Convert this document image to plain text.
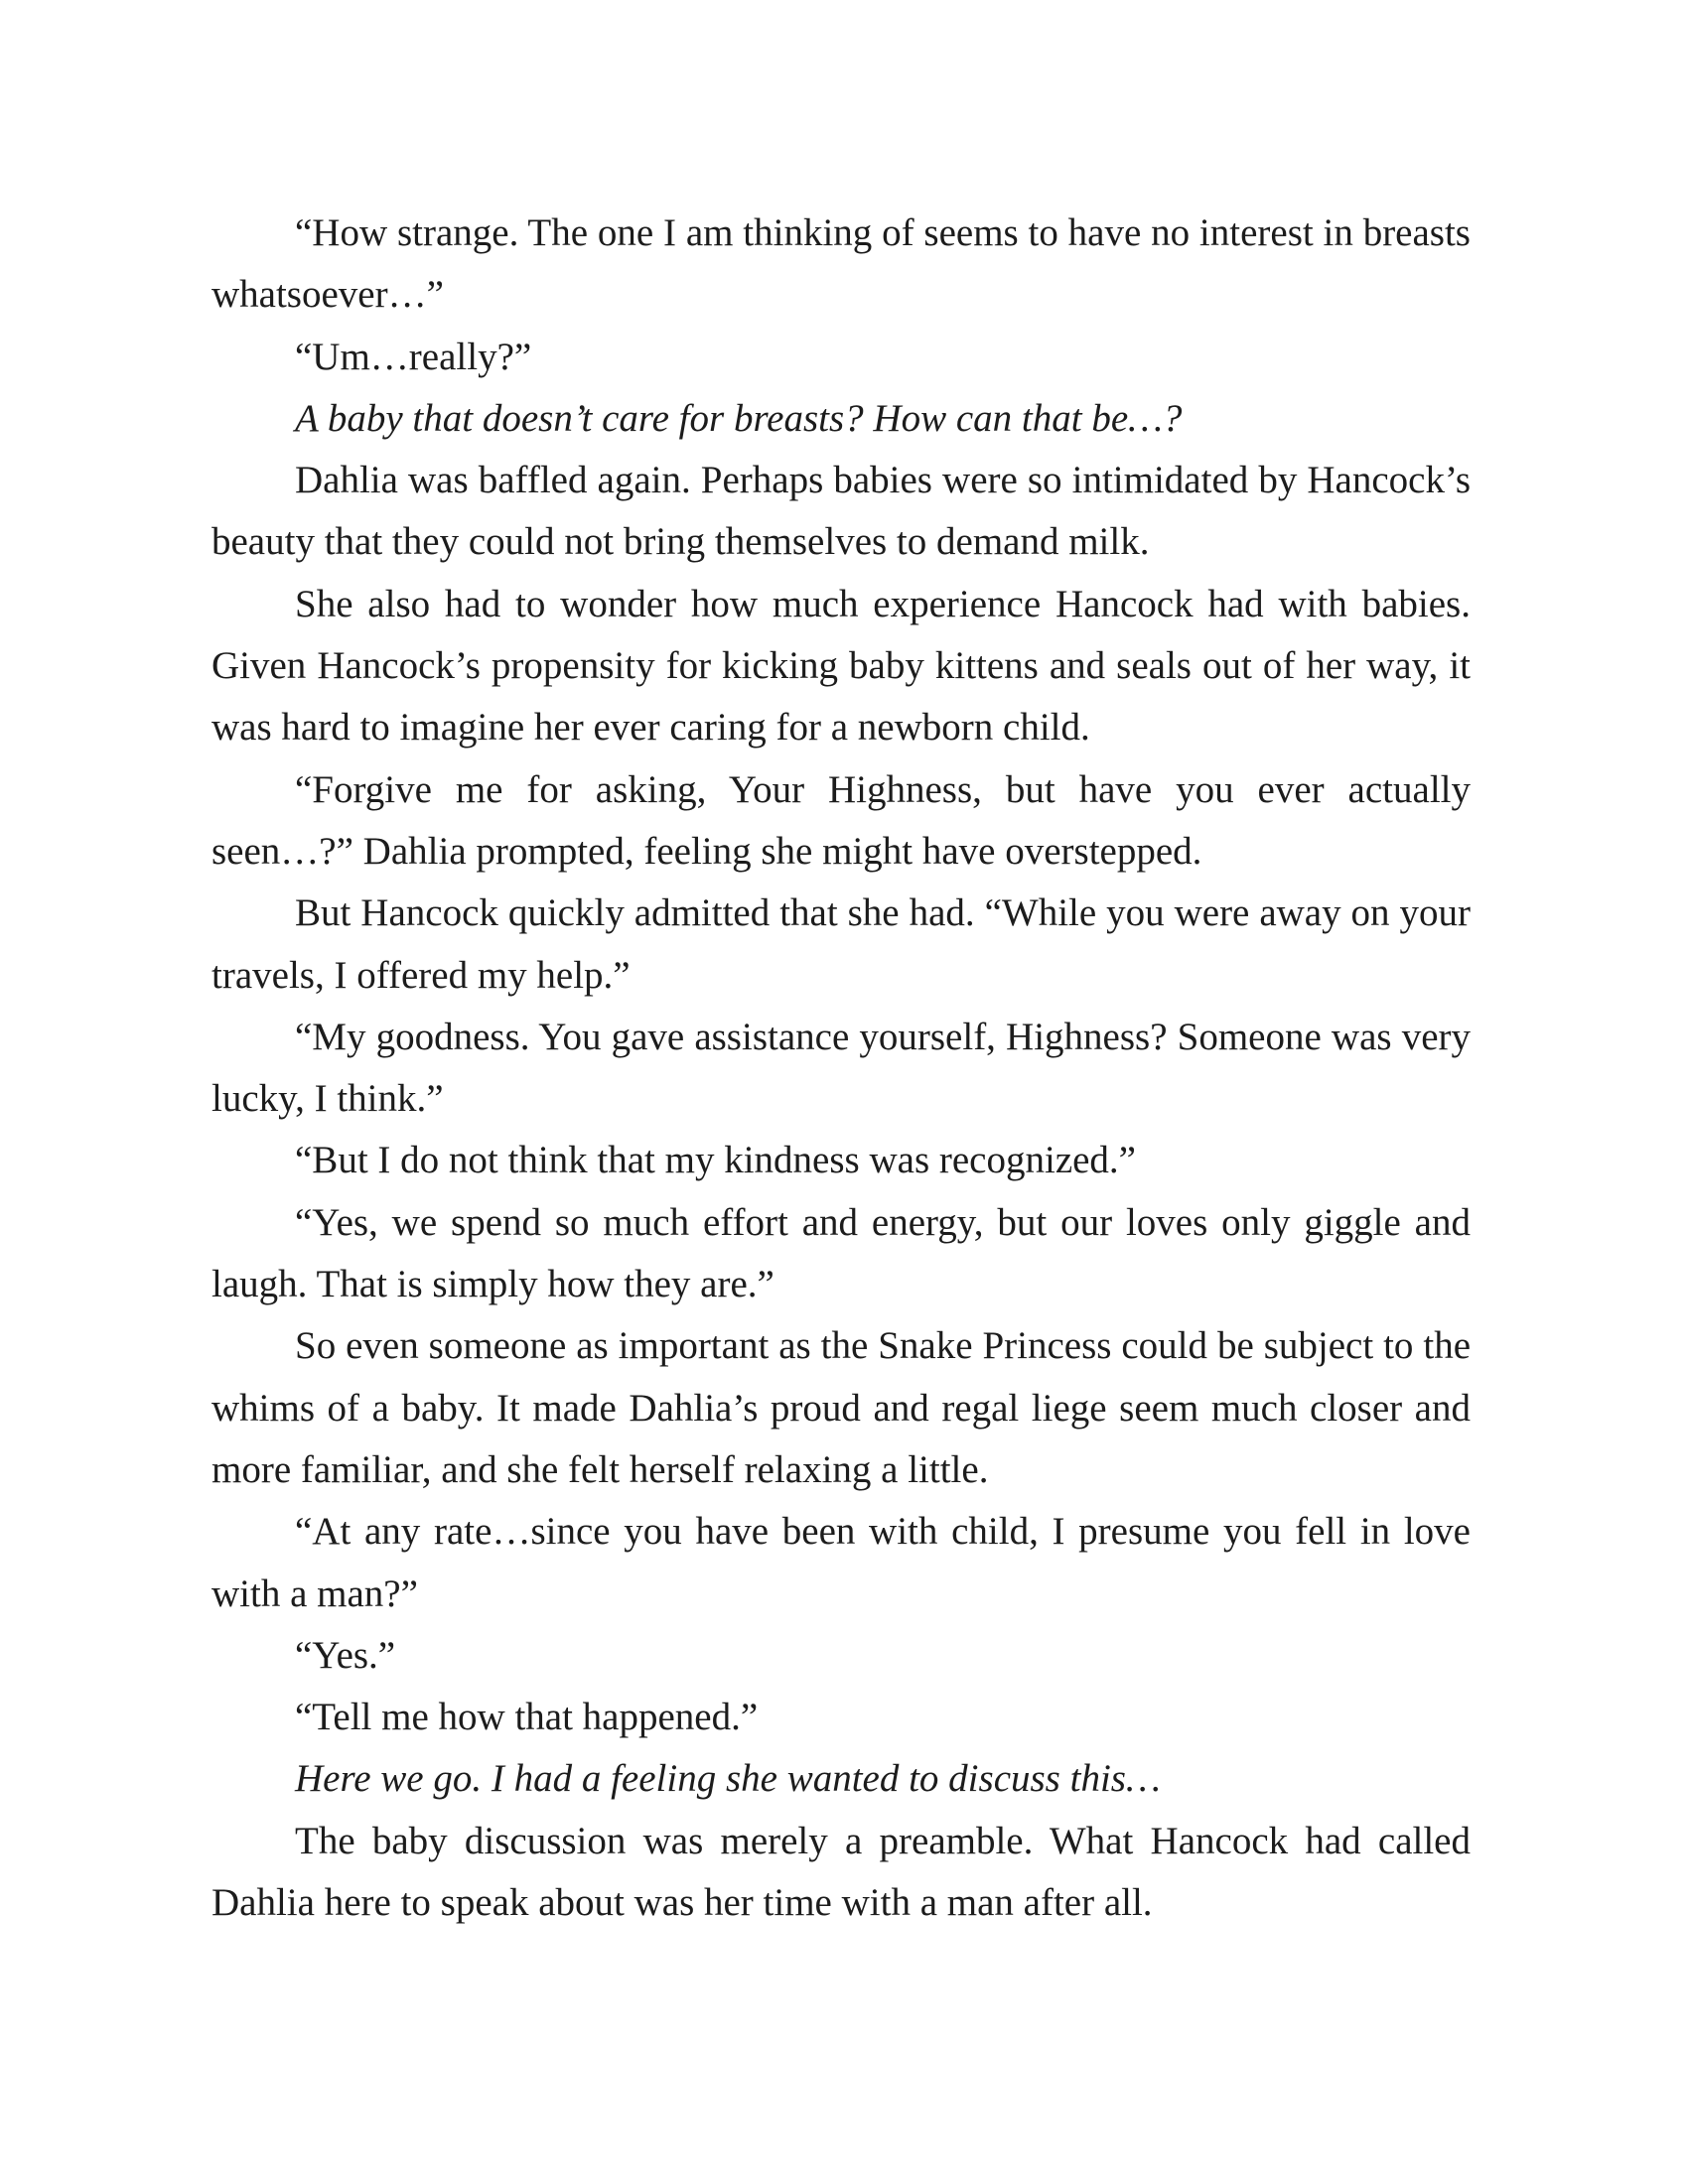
“How strange. The one I am thinking of seems to have no interest in breasts whatsoever…”

“Um…really?”

A baby that doesn’t care for breasts? How can that be…?

Dahlia was baffled again. Perhaps babies were so intimidated by Hancock’s beauty that they could not bring themselves to demand milk.

She also had to wonder how much experience Hancock had with babies. Given Hancock’s propensity for kicking baby kittens and seals out of her way, it was hard to imagine her ever caring for a newborn child.

“Forgive me for asking, Your Highness, but have you ever actually seen…?” Dahlia prompted, feeling she might have overstepped.

But Hancock quickly admitted that she had. “While you were away on your travels, I offered my help.”

“My goodness. You gave assistance yourself, Highness? Someone was very lucky, I think.”

“But I do not think that my kindness was recognized.”

“Yes, we spend so much effort and energy, but our loves only giggle and laugh. That is simply how they are.”

So even someone as important as the Snake Princess could be subject to the whims of a baby. It made Dahlia’s proud and regal liege seem much closer and more familiar, and she felt herself relaxing a little.

“At any rate…since you have been with child, I presume you fell in love with a man?”

“Yes.”

“Tell me how that happened.”

Here we go. I had a feeling she wanted to discuss this…

The baby discussion was merely a preamble. What Hancock had called Dahlia here to speak about was her time with a man after all.
